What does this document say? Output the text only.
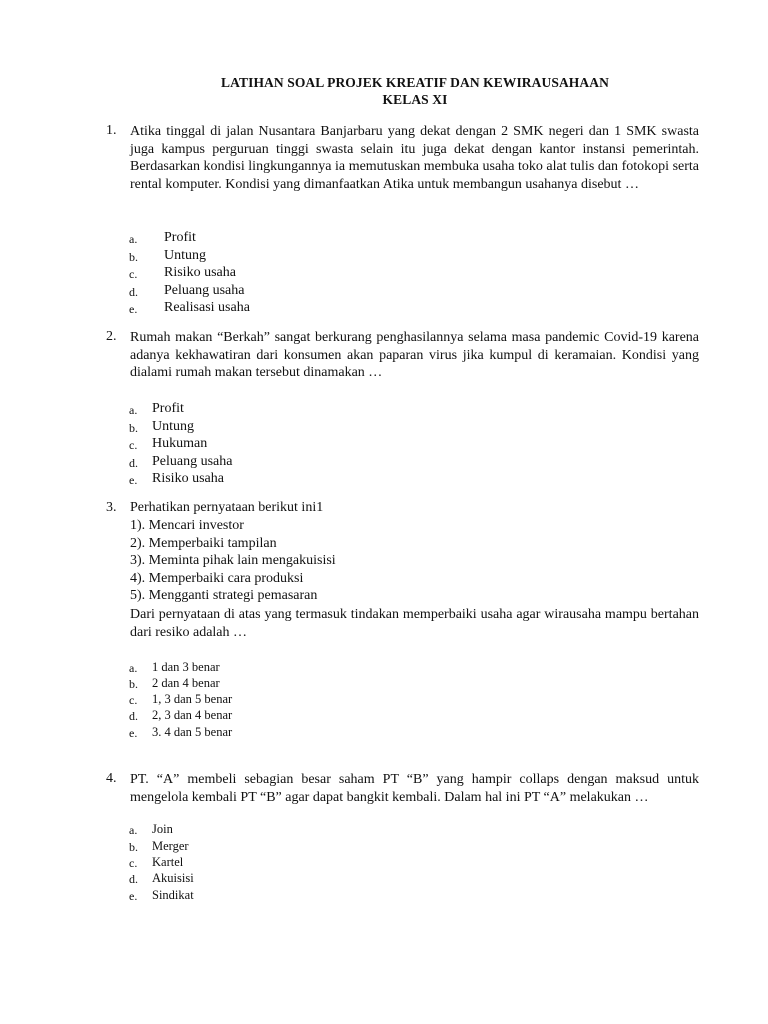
LATIHAN SOAL PROJEK KREATIF DAN KEWIRAUSAHAAN
KELAS XI
1. Atika tinggal di jalan Nusantara Banjarbaru yang dekat dengan 2 SMK negeri dan 1 SMK swasta juga kampus perguruan tinggi swasta selain itu juga dekat dengan kantor instansi pemerintah. Berdasarkan kondisi lingkungannya ia memutuskan membuka usaha toko alat tulis dan fotokopi serta rental komputer. Kondisi yang dimanfaatkan Atika untuk membangun usahanya disebut …
a. Profit
b. Untung
c. Risiko usaha
d. Peluang usaha
e. Realisasi usaha
2. Rumah makan “Berkah” sangat berkurang penghasilannya selama masa pandemic Covid-19 karena adanya kekhawatiran dari konsumen akan paparan virus jika kumpul di keramaian. Kondisi yang dialami rumah makan tersebut dinamakan …
a. Profit
b. Untung
c. Hukuman
d. Peluang usaha
e. Risiko usaha
3. Perhatikan pernyataan berikut ini1
1). Mencari investor
2). Memperbaiki tampilan
3). Meminta pihak lain mengakuisisi
4). Memperbaiki cara produksi
5). Mengganti strategi pemasaran
Dari pernyataan di atas yang termasuk tindakan memperbaiki usaha agar wirausaha mampu bertahan dari resiko adalah …
a. 1 dan 3 benar
b. 2 dan 4 benar
c. 1, 3 dan 5 benar
d. 2, 3 dan 4 benar
e. 3. 4 dan 5 benar
4. PT. “A” membeli sebagian besar saham PT “B” yang hampir collaps dengan maksud untuk mengelola kembali PT “B” agar dapat bangkit kembali. Dalam hal ini PT “A” melakukan …
a. Join
b. Merger
c. Kartel
d. Akuisisi
e. Sindikat
